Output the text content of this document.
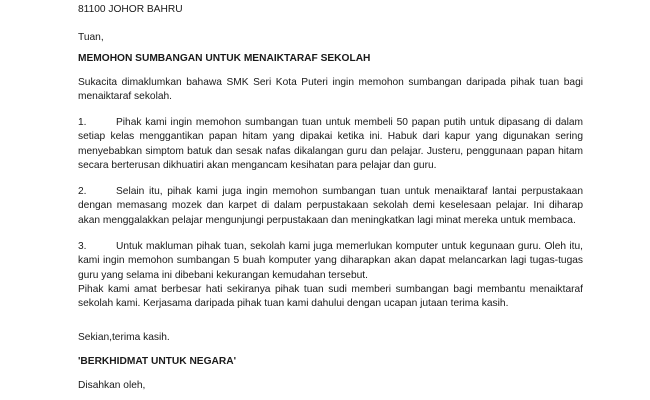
81100 JOHOR BAHRU
Tuan,
MEMOHON SUMBANGAN UNTUK MENAIKTARAF SEKOLAH
Sukacita dimaklumkan bahawa SMK Seri Kota Puteri ingin memohon sumbangan daripada pihak tuan bagi menaiktaraf sekolah.
1.	Pihak kami ingin memohon sumbangan tuan untuk membeli 50 papan putih untuk dipasang di dalam setiap kelas menggantikan papan hitam yang dipakai ketika ini. Habuk dari kapur yang digunakan sering menyebabkan simptom batuk dan sesak nafas dikalangan guru dan pelajar. Justeru, penggunaan papan hitam secara berterusan dikhuatiri akan mengancam kesihatan para pelajar dan guru.
2.	Selain itu, pihak kami juga ingin memohon sumbangan tuan untuk menaiktaraf lantai perpustakaan dengan memasang mozek dan karpet di dalam perpustakaan sekolah demi keselesaan pelajar. Ini diharap akan menggalakkan pelajar mengunjungi perpustakaan dan meningkatkan lagi minat mereka untuk membaca.
3.	Untuk makluman pihak tuan, sekolah kami juga memerlukan komputer untuk kegunaan guru. Oleh itu, kami ingin memohon sumbangan 5 buah komputer yang diharapkan akan dapat melancarkan lagi tugas-tugas guru yang selama ini dibebani kekurangan kemudahan tersebut.
Pihak kami amat berbesar hati sekiranya pihak tuan sudi memberi sumbangan bagi membantu menaiktaraf sekolah kami. Kerjasama daripada pihak tuan kami dahului dengan ucapan jutaan terima kasih.
Sekian,terima kasih.
'BERKHIDMAT UNTUK NEGARA'
Disahkan oleh,
